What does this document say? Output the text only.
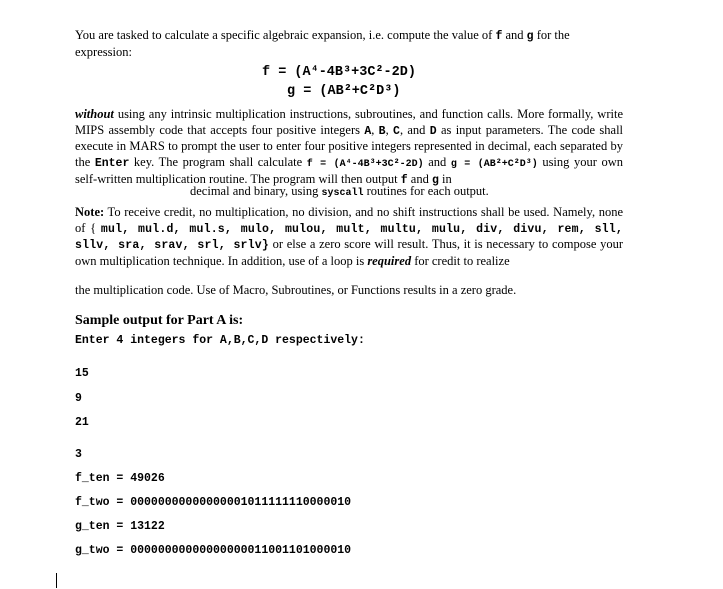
You are tasked to calculate a specific algebraic expansion, i.e. compute the value of f and g for the expression:

f = (A⁴-4B³+3C²-2D)
g = (AB²+C²D³)

without using any intrinsic multiplication instructions, subroutines, and function calls. More formally, write MIPS assembly code that accepts four positive integers A, B, C, and D as input parameters. The code shall execute in MARS to prompt the user to enter four positive integers represented in decimal, each separated by the Enter key. The program shall calculate f = (A⁴-4B³+3C²-2D) and g = (AB²+C²D³) using your own self-written multiplication routine. The program will then output f and g in

decimal and binary, using syscall routines for each output.

Note: To receive credit, no multiplication, no division, and no shift instructions shall be used. Namely, none of { mul, mul.d, mul.s, mulo, mulou, mult, multu, mulu, div, divu, rem, sll, sllv, sra, srav, srl, srlv} or else a zero score will result. Thus, it is necessary to compose your own multiplication technique. In addition, use of a loop is required for credit to realize

the multiplication code. Use of Macro, Subroutines, or Functions results in a zero grade.

Sample output for Part A is:
Enter 4 integers for A,B,C,D respectively:
15
9
21
3
f_ten = 49026
f_two = 00000000000000001011111110000010
g_ten = 13122
g_two = 00000000000000000011001101000010
